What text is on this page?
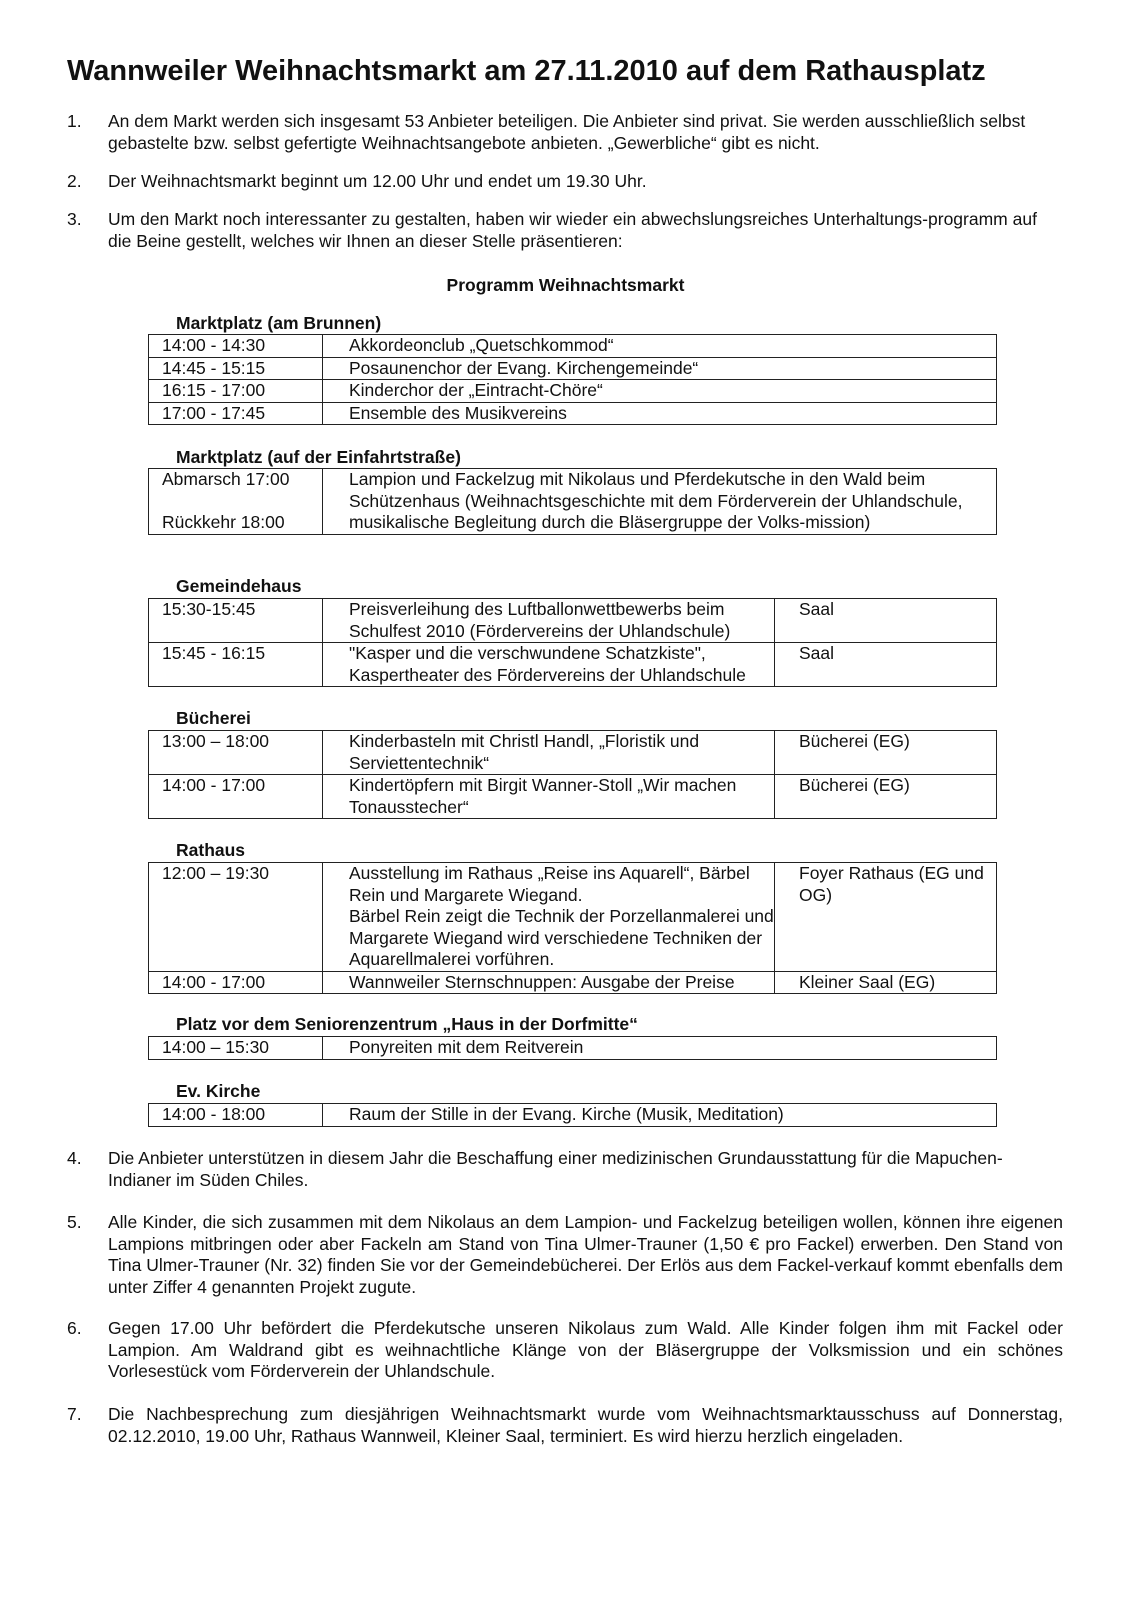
Wannweiler Weihnachtsmarkt am 27.11.2010 auf dem Rathausplatz
1. An dem Markt werden sich insgesamt 53 Anbieter beteiligen. Die Anbieter sind privat. Sie werden ausschließlich selbst gebastelte bzw. selbst gefertigte Weihnachtsangebote anbieten. „Gewerbliche“ gibt es nicht.
2. Der Weihnachtsmarkt beginnt um 12.00 Uhr und endet um 19.30 Uhr.
3. Um den Markt noch interessanter zu gestalten, haben wir wieder ein abwechslungsreiches Unterhaltungs-programm auf die Beine gestellt, welches wir Ihnen an dieser Stelle präsentieren:
Programm Weihnachtsmarkt
Marktplatz (am Brunnen)
14:00 - 14:30	Akkordeonclub „Quetschkommod“
14:45 - 15:15	Posaunenchor der Evang. Kirchengemeinde“
16:15 - 17:00	Kinderchor der „Eintracht-Chöre“
17:00 - 17:45	Ensemble des Musikvereins
Marktplatz (auf der Einfahrtstraße)
Abmarsch 17:00
Rückkehr 18:00
	Lampion und Fackelzug mit Nikolaus und Pferdekutsche in den Wald beim Schützenhaus (Weihnachtsgeschichte mit dem Förderverein der Uhlandschule, musikalische Begleitung durch die Bläsergruppe der Volks-mission)
Gemeindehaus
15:30-15:45	Preisverleihung des Luftballonwettbewerbs beim Schulfest 2010 (Fördervereins der Uhlandschule)	Saal
15:45 - 16:15	"Kasper und die verschwundene Schatzkiste", Kaspertheater des Fördervereins der Uhlandschule	Saal
Bücherei
13:00 – 18:00	Kinderbasteln mit Christl Handl, „Floristik und Serviettentechnik“	Bücherei (EG)
14:00 - 17:00	Kindertöpfern mit Birgit Wanner-Stoll „Wir machen Tonausstecher“	Bücherei (EG)
Rathaus
12:00 – 19:30	Ausstellung im Rathaus „Reise ins Aquarell“, Bärbel Rein und Margarete Wiegand.
Bärbel Rein zeigt die Technik der Porzellanmalerei und Margarete Wiegand wird verschiedene Techniken der Aquarellmalerei vorführen.	Foyer Rathaus (EG und OG)
14:00 - 17:00	Wannweiler Sternschnuppen: Ausgabe der Preise	Kleiner Saal (EG)
Platz vor dem Seniorenzentrum „Haus in der Dorfmitte“
14:00 – 15:30	Ponyreiten mit dem Reitverein
Ev. Kirche
14:00 - 18:00	Raum der Stille in der Evang. Kirche (Musik, Meditation)
4. Die Anbieter unterstützen in diesem Jahr die Beschaffung einer medizinischen Grundausstattung für die Mapuchen-Indianer im Süden Chiles.
5. Alle Kinder, die sich zusammen mit dem Nikolaus an dem Lampion- und Fackelzug beteiligen wollen, können ihre eigenen Lampions mitbringen oder aber Fackeln am Stand von Tina Ulmer-Trauner (1,50 € pro Fackel) erwerben. Den Stand von Tina Ulmer-Trauner (Nr. 32) finden Sie vor der Gemeindebücherei. Der Erlös aus dem Fackel-verkauf kommt ebenfalls dem unter Ziffer 4 genannten Projekt zugute.
6. Gegen 17.00 Uhr befördert die Pferdekutsche unseren Nikolaus zum Wald. Alle Kinder folgen ihm mit Fackel oder Lampion. Am Waldrand gibt es weihnachtliche Klänge von der Bläsergruppe der Volksmission und ein schönes Vorlesestück vom Förderverein der Uhlandschule.
7. Die Nachbesprechung zum diesjährigen Weihnachtsmarkt wurde vom Weihnachtsmarktausschuss auf Donnerstag, 02.12.2010, 19.00 Uhr, Rathaus Wannweil, Kleiner Saal, terminiert. Es wird hierzu herzlich eingeladen.
